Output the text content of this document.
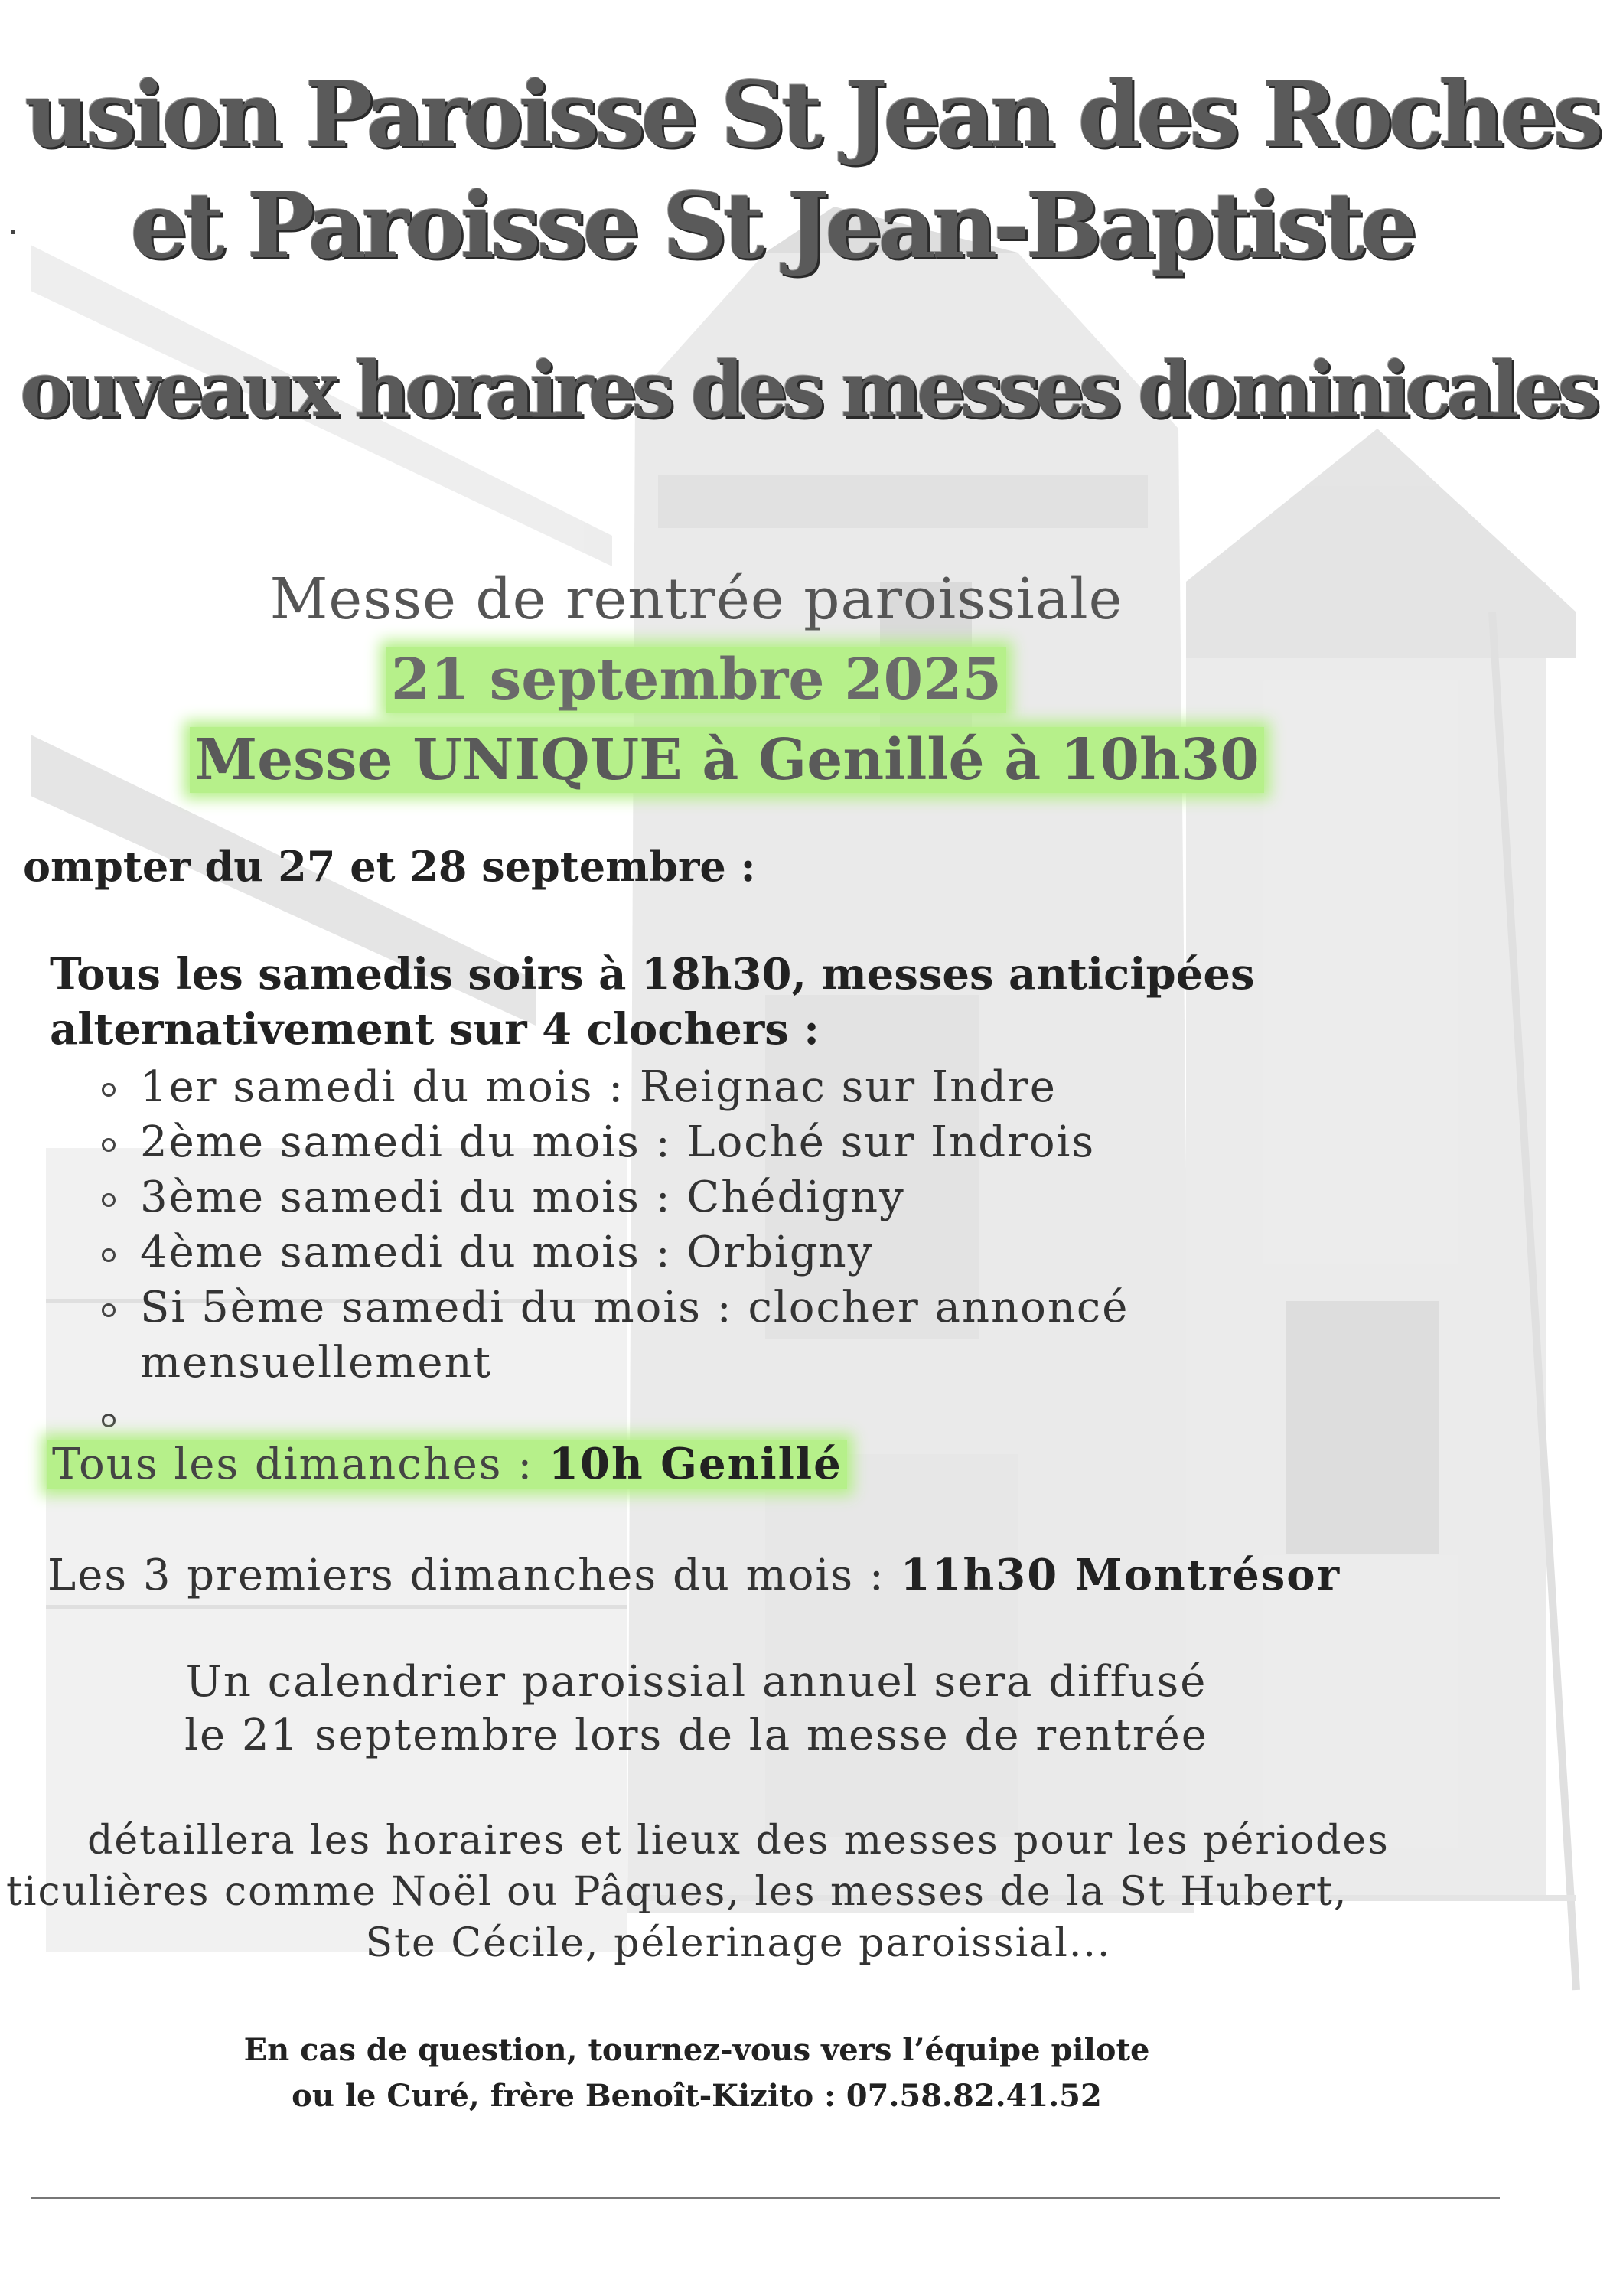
usion Paroisse St Jean des Roches
et Paroisse St Jean-Baptiste
ouveaux horaires des messes dominicales
Messe de rentrée paroissiale
21 septembre 2025
Messe UNIQUE à Genillé à 10h30
ompter du 27 et 28 septembre :
Tous les samedis soirs à 18h30, messes anticipées
alternativement sur 4 clochers :
1er samedi du mois : Reignac sur Indre
2ème samedi du mois : Loché sur Indrois
3ème samedi du mois : Chédigny
4ème samedi du mois : Orbigny
Si 5ème samedi du mois : clocher annoncé
mensuellement

Tous les dimanches : 10h Genillé
Les 3 premiers dimanches du mois : 11h30 Montrésor
Un calendrier paroissial annuel sera diffusé
le 21 septembre lors de la messe de rentrée
détaillera les horaires et lieux des messes pour les périodes
ticulières comme Noël ou Pâques, les messes de la St Hubert,
Ste Cécile, pélerinage paroissial...
En cas de question, tournez-vous vers l’équipe pilote
ou le Curé, frère Benoît-Kizito : 07.58.82.41.52
